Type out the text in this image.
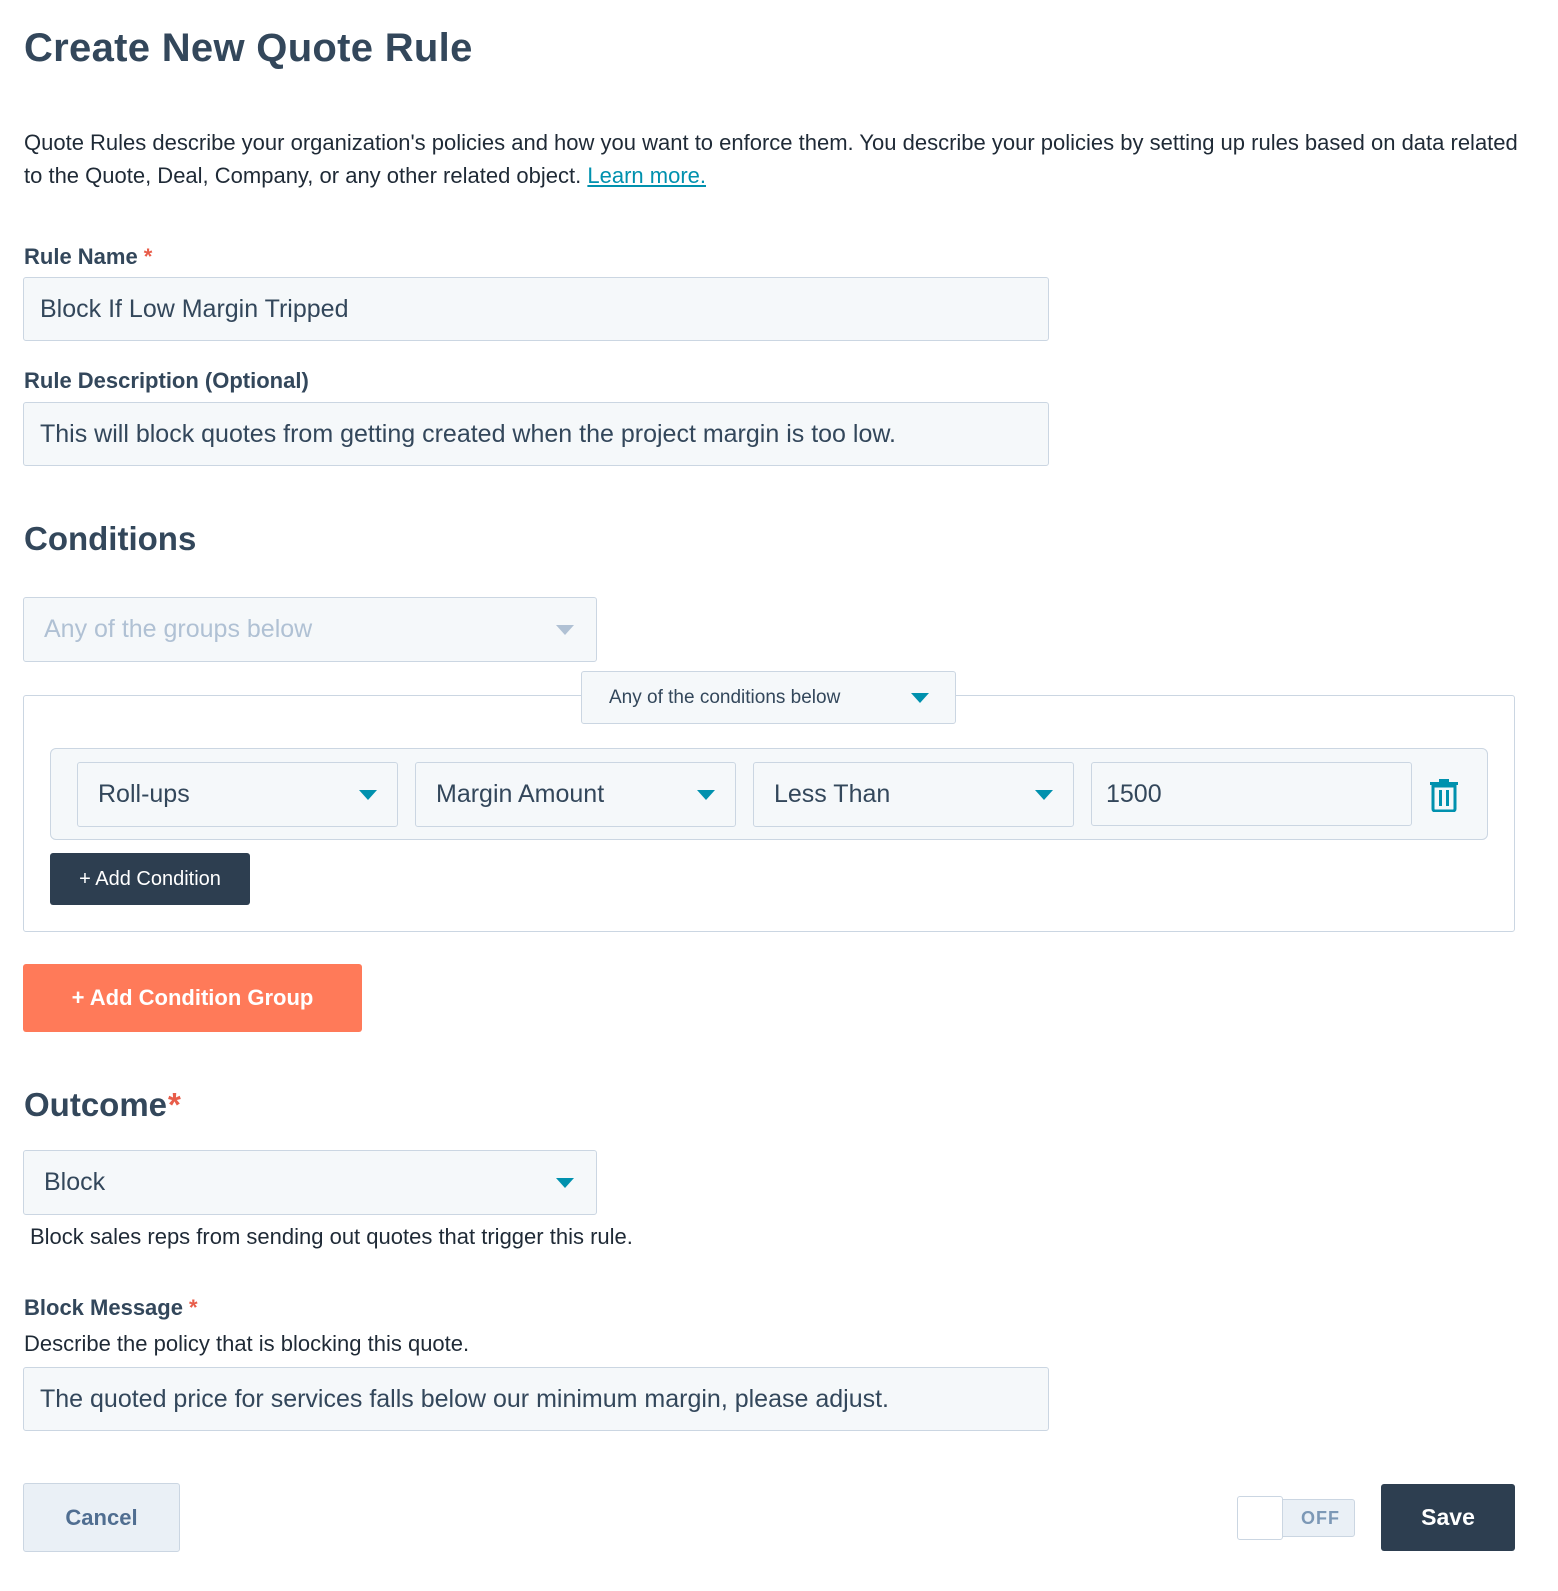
Create New Quote Rule

Quote Rules describe your organization's policies and how you want to enforce them. You describe your policies by setting up rules based on data related to the Quote, Deal, Company, or any other related object. Learn more.

Rule Name *
Block If Low Margin Tripped
Rule Description (Optional)
This will block quotes from getting created when the project margin is too low.
Conditions
Any of the groups below
Any of the conditions below
Roll-ups	Margin Amount	Less Than	1500
+ Add Condition
+ Add Condition Group
Outcome*
Block
Block sales reps from sending out quotes that trigger this rule.
Block Message *
Describe the policy that is blocking this quote.
The quoted price for services falls below our minimum margin, please adjust.
Cancel	OFF	Save
